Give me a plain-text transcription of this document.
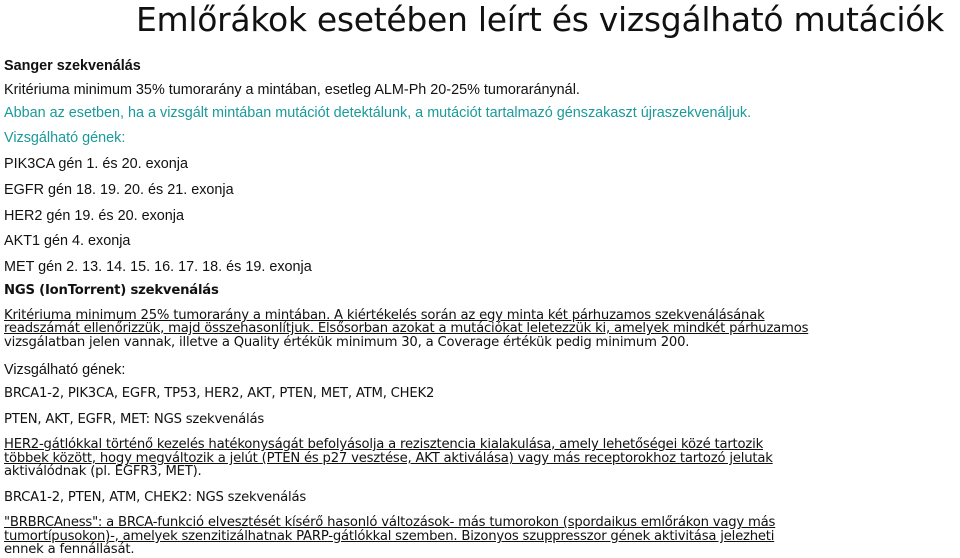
Emlőrákok esetében leírt és vizsgálható mutációk
Sanger szekvenálás
Kritériuma minimum 35% tumorarány a mintában, esetleg ALM-Ph 20-25% tumoraránynál.
Abban az esetben, ha a vizsgált mintában mutációt detektálunk, a mutációt tartalmazó génszakaszt újraszekvenáljuk.
Vizsgálható gének:
PIK3CA gén 1. és 20. exonja
EGFR gén 18. 19. 20. és 21. exonja
HER2 gén 19. és 20. exonja
AKT1 gén 4. exonja
MET gén 2. 13. 14. 15. 16. 17. 18. és 19. exonja
NGS (IonTorrent) szekvenálás
Kritériuma minimum 25% tumorarány a mintában. A kiértékelés során az egy minta két párhuzamos szekvenálásának
readszámát ellenőrizzük, majd összehasonlítjuk. Elsősorban azokat a mutációkat leletezzük ki, amelyek mindkét párhuzamos
vizsgálatban jelen vannak, illetve a Quality értékük minimum 30, a Coverage értékük pedig minimum 200.
Vizsgálható gének:
BRCA1-2, PIK3CA, EGFR, TP53, HER2, AKT, PTEN, MET, ATM, CHEK2
PTEN, AKT, EGFR, MET: NGS szekvenálás
HER2-gátlókkal történő kezelés hatékonyságát befolyásolja a rezisztencia kialakulása, amely lehetőségei közé tartozik
többek között, hogy megváltozik a jelút (PTEN és p27 vesztése, AKT aktiválása) vagy más receptorokhoz tartozó jelutak
aktiválódnak (pl. EGFR3, MET).
BRCA1-2, PTEN, ATM, CHEK2: NGS szekvenálás
"BRBRCAness": a BRCA-funkció elvesztését kísérő hasonló változások- más tumorokon (spordaikus emlőrákon vagy más
tumortípusokon)-, amelyek szenzitizálhatnak PARP-gátlókkal szemben. Bizonyos szuppresszor gének aktivitása jelezheti
ennek a fennállását.
